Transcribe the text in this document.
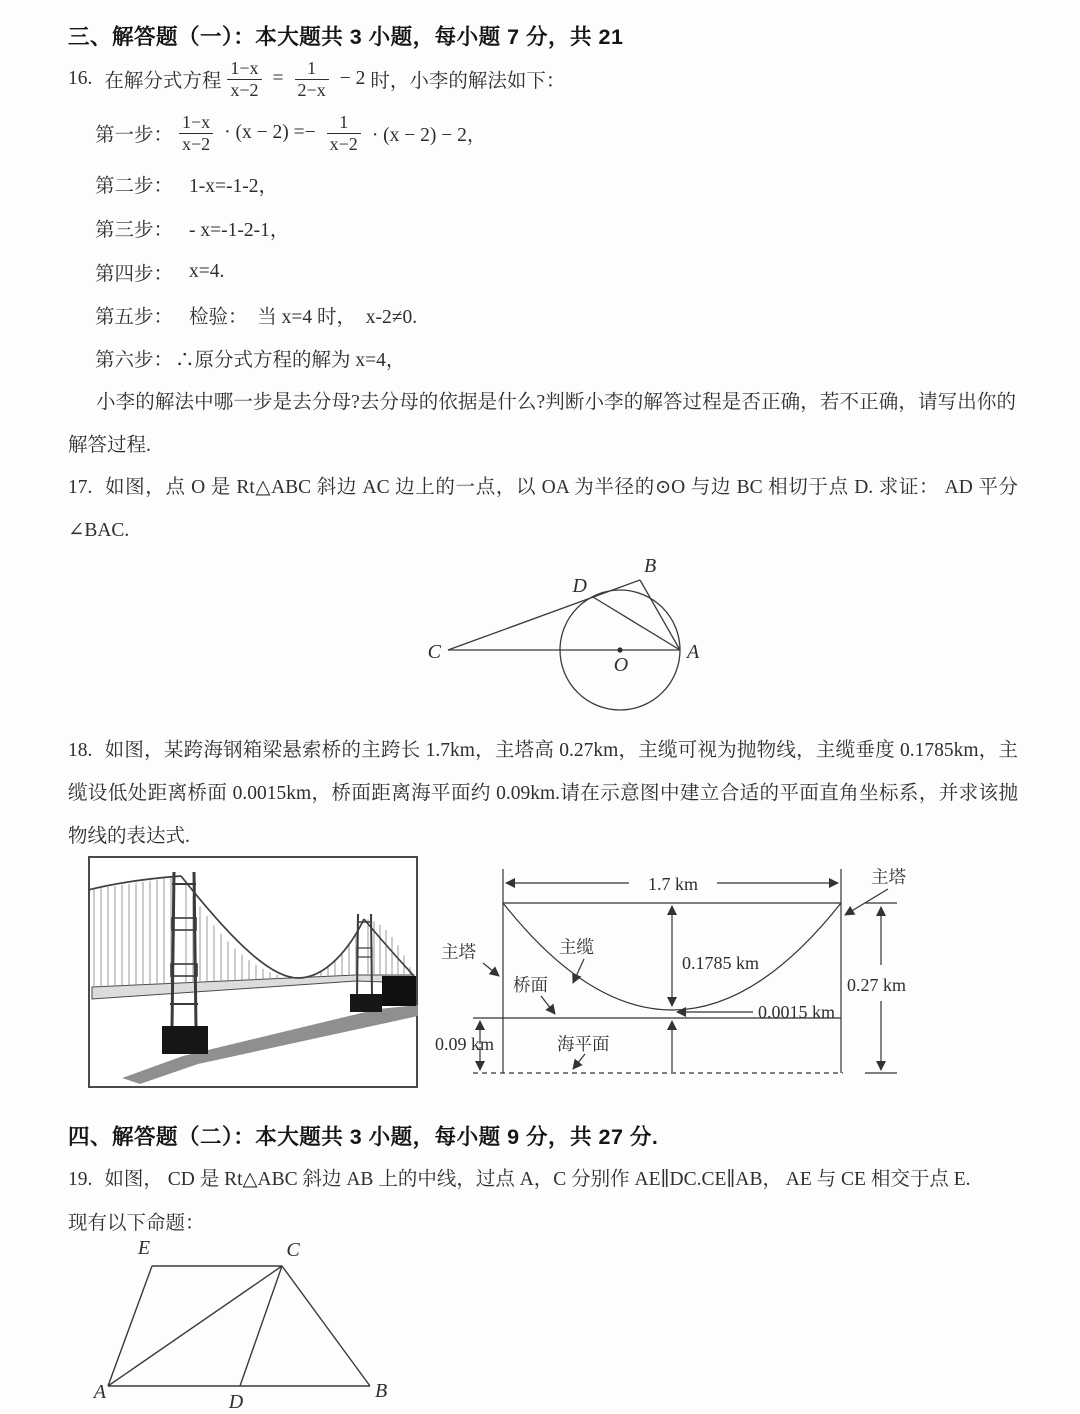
三、解答题（一）：本大题共 3 小题，每小题 7 分，共 21
16. 在解分式方程 $\frac{1-x}{x-2} = \frac{1}{2-x} - 2$ 时，小李的解法如下：
第一步： $\frac{1-x}{x-2} \cdot (x - 2) =- \frac{1}{x-2} \cdot (x - 2) - 2$，
第二步： 1-x=-1-2，
第三步： - x=-1-2-1，
第四步： x=4.
第五步： 检验：  当 x=4 时，  x-2≠0.
第六步： ∴原分式方程的解为 x=4，
小李的解法中哪一步是去分母?去分母的依据是什么?判断小李的解答过程是否正确，若不正确，请写出你的解答过程.
17. 如图，点 O 是 Rt△ABC 斜边 AC 边上的一点，以 OA 为半径的⊙O 与边 BC 相切于点 D. 求证： AD 平分∠BAC.
C	A
B
D
O
18. 如图，某跨海钢箱梁悬索桥的主跨长 1.7km，主塔高 0.27km，主缆可视为抛物线，主缆垂度 0.1785km，主缆设低处距离桥面 0.0015km，桥面距离海平面约 0.09km.请在示意图中建立合适的平面直角坐标系，并求该抛物线的表达式.
1.7 km
主塔	主缆
0.1785 km
桥面
0.0015 km
海平面
0.09 km
主塔
0.27 km
四、解答题（二）：本大题共 3 小题，每小题 9 分，共 27 分.
19. 如图， CD 是 Rt△ABC 斜边 AB 上的中线，过点 A，C 分别作 AE∥DC.CE∥AB， AE 与 CE 相交于点 E.
现有以下命题：
E	C
A	D	B
